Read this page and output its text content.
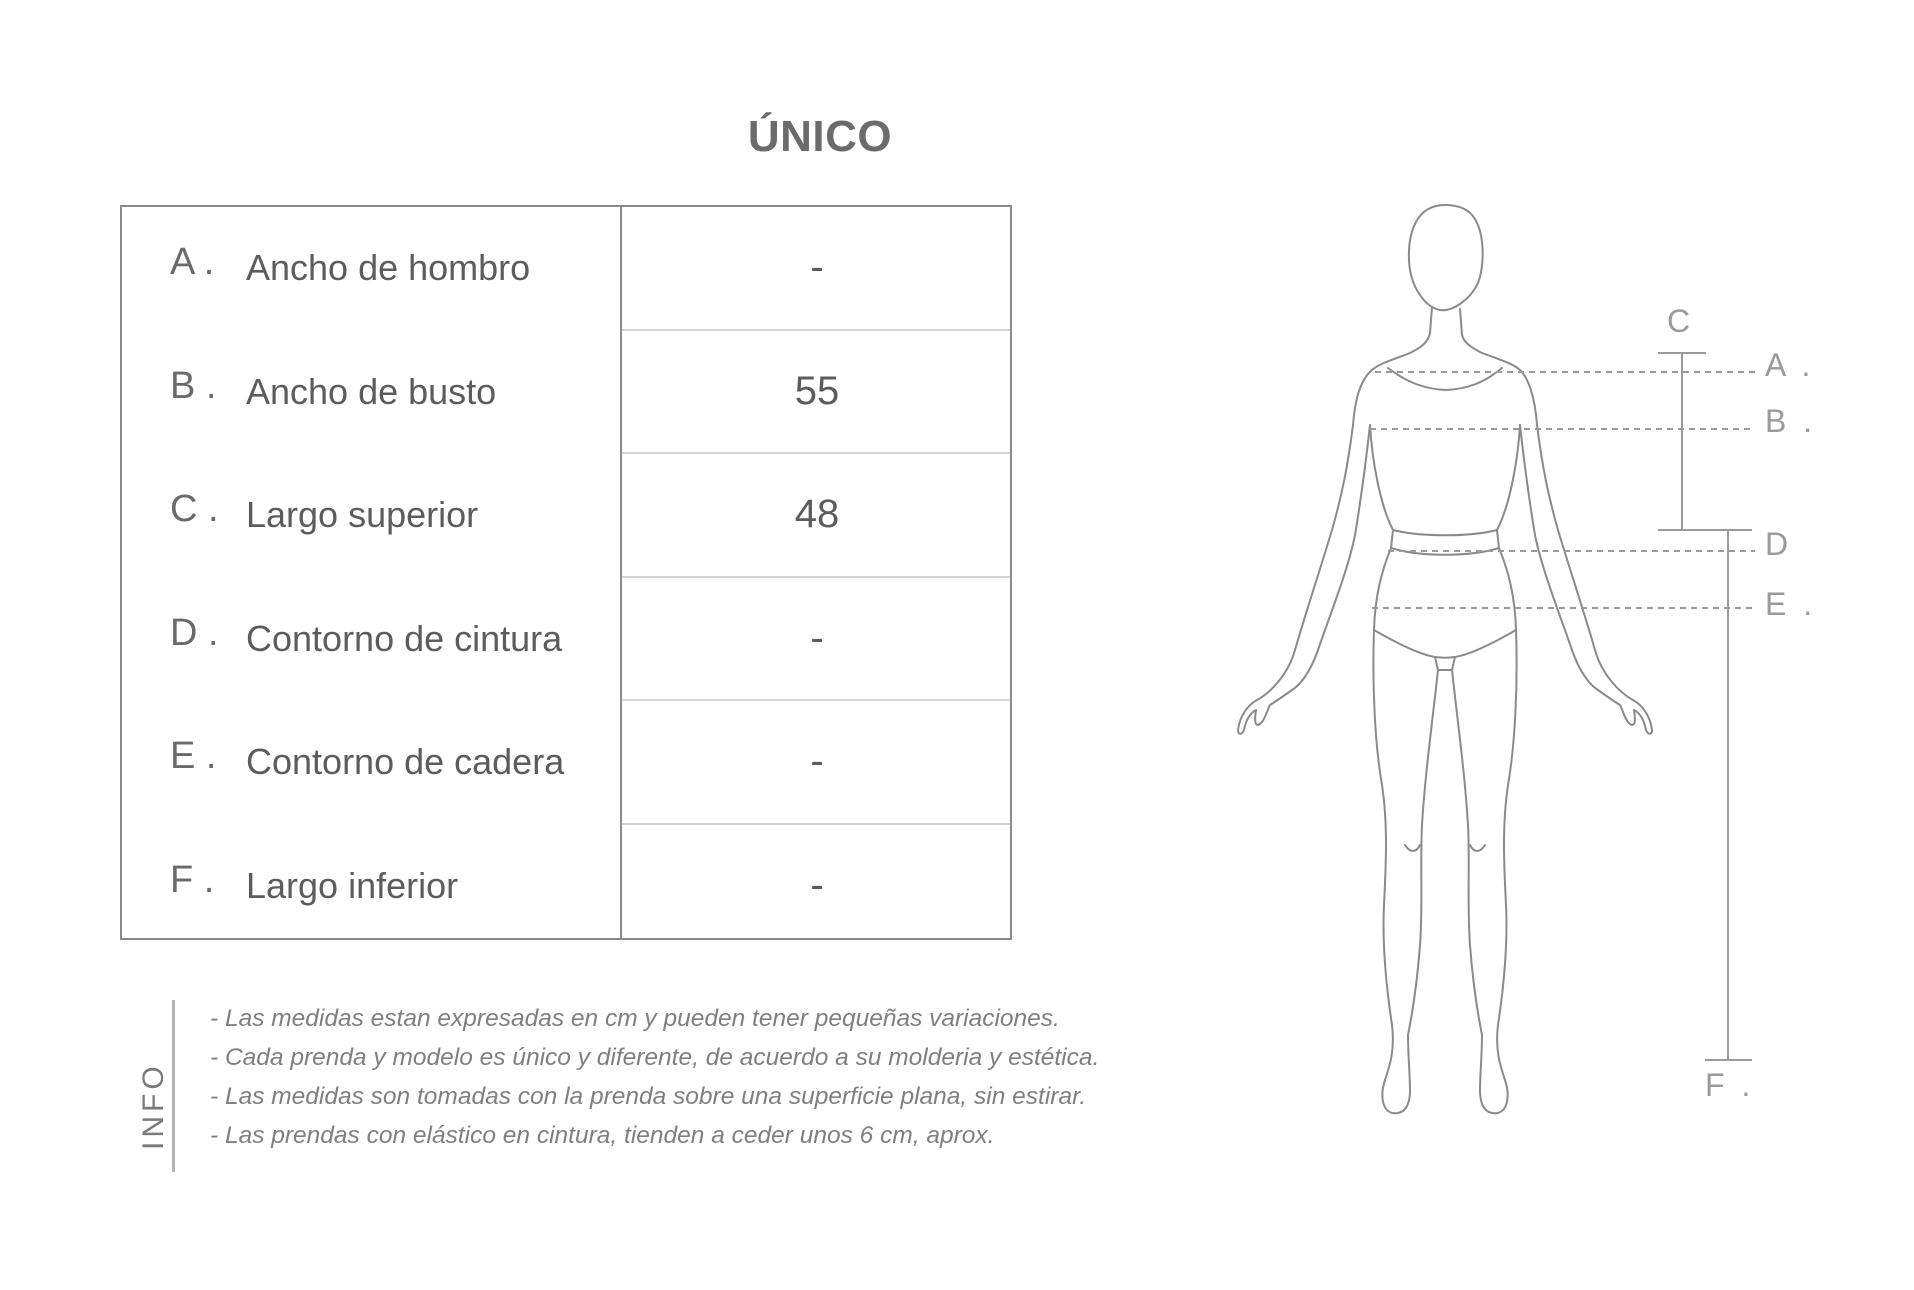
ÚNICO
A . Ancho de hombro	-
B . Ancho de busto	55
C . Largo superior	48
D . Contorno de cintura	-
E . Contorno de cadera	-
F . Largo inferior	-
INFO
- Las medidas estan expresadas en cm y pueden tener pequeñas variaciones.
- Cada prenda y modelo es único y diferente, de acuerdo a su molderia y estética.
- Las medidas son tomadas con la prenda sobre una superficie plana, sin estirar.
- Las prendas con elástico en cintura, tienden a ceder unos 6 cm, aprox.
C
A .
B .
D
E .
F .
